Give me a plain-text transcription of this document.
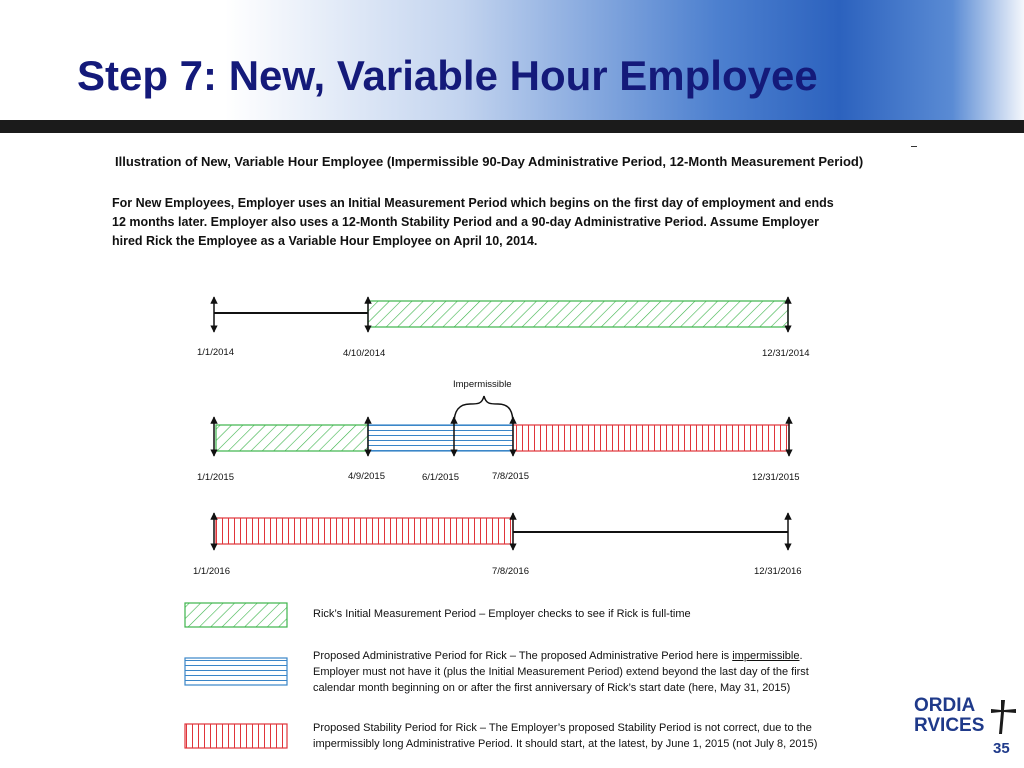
Step 7: New, Variable Hour Employee
Illustration of New, Variable Hour Employee (Impermissible 90-Day Administrative Period, 12-Month Measurement Period)
For New Employees, Employer uses an Initial Measurement Period which begins on the first day of employment and ends
12 months later. Employer also uses a 12-Month Stability Period and a 90-day Administrative Period. Assume Employer
hired Rick the Employee as a Variable Hour Employee on April 10, 2014.
1/1/2014	4/10/2014	12/31/2014
Impermissible
1/1/2015	4/9/2015	6/1/2015	7/8/2015	12/31/2015
1/1/2016	7/8/2016	12/31/2016
Rick’s Initial Measurement Period – Employer checks to see if Rick is full-time
Proposed Administrative Period for Rick – The proposed Administrative Period here is impermissible.
Employer must not have it (plus the Initial Measurement Period) extend beyond the last day of the first
calendar month beginning on or after the first anniversary of Rick’s start date (here, May 31, 2015)
Proposed Stability Period for Rick – The Employer’s proposed Stability Period is not correct, due to the
impermissibly long Administrative Period. It should start, at the latest, by June 1, 2015 (not July 8, 2015)
ORDIA
RVICES
35
